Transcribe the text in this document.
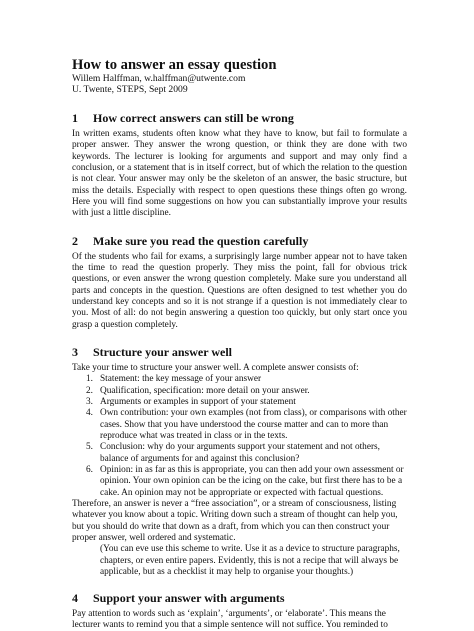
How to answer an essay question

Willem Halffman, w.halffman@utwente.com

U. Twente, STEPS, Sept 2009

1 How correct answers can still be wrong

In written exams, students often know what they have to know, but fail to formulate a proper answer. They answer the wrong question, or think they are done with two keywords. The lecturer is looking for arguments and support and may only find a conclusion, or a statement that is in itself correct, but of which the relation to the question is not clear. Your answer may only be the skeleton of an answer, the basic structure, but miss the details. Especially with respect to open questions these things often go wrong. Here you will find some suggestions on how you can substantially improve your results with just a little discipline.

2 Make sure you read the question carefully

Of the students who fail for exams, a surprisingly large number appear not to have taken the time to read the question properly. They miss the point, fall for obvious trick questions, or even answer the wrong question completely. Make sure you understand all parts and concepts in the question. Questions are often designed to test whether you do understand key concepts and so it is not strange if a question is not immediately clear to you. Most of all: do not begin answering a question too quickly, but only start once you grasp a question completely.

3 Structure your answer well

Take your time to structure your answer well. A complete answer consists of:

1. Statement: the key message of your answer
2. Qualification, specification: more detail on your answer.
3. Arguments or examples in support of your statement
4. Own contribution: your own examples (not from class), or comparisons with other cases. Show that you have understood the course matter and can to more than reproduce what was treated in class or in the texts.
5. Conclusion: why do your arguments support your statement and not others, balance of arguments for and against this conclusion?
6. Opinion: in as far as this is appropriate, you can then add your own assessment or opinion. Your own opinion can be the icing on the cake, but first there has to be a cake. An opinion may not be appropriate or expected with factual questions.

Therefore, an answer is never a “free association”, or a stream of consciousness, listing whatever you know about a topic. Writing down such a stream of thought can help you, but you should do write that down as a draft, from which you can then construct your proper answer, well ordered and systematic.

(You can eve use this scheme to write. Use it as a device to structure paragraphs, chapters, or even entire papers. Evidently, this is not a recipe that will always be applicable, but as a checklist it may help to organise your thoughts.)

4 Support your answer with arguments

Pay attention to words such as ‘explain’, ‘arguments’, or ‘elaborate’. This means the lecturer wants to remind you that a simple sentence will not suffice. You reminded to
